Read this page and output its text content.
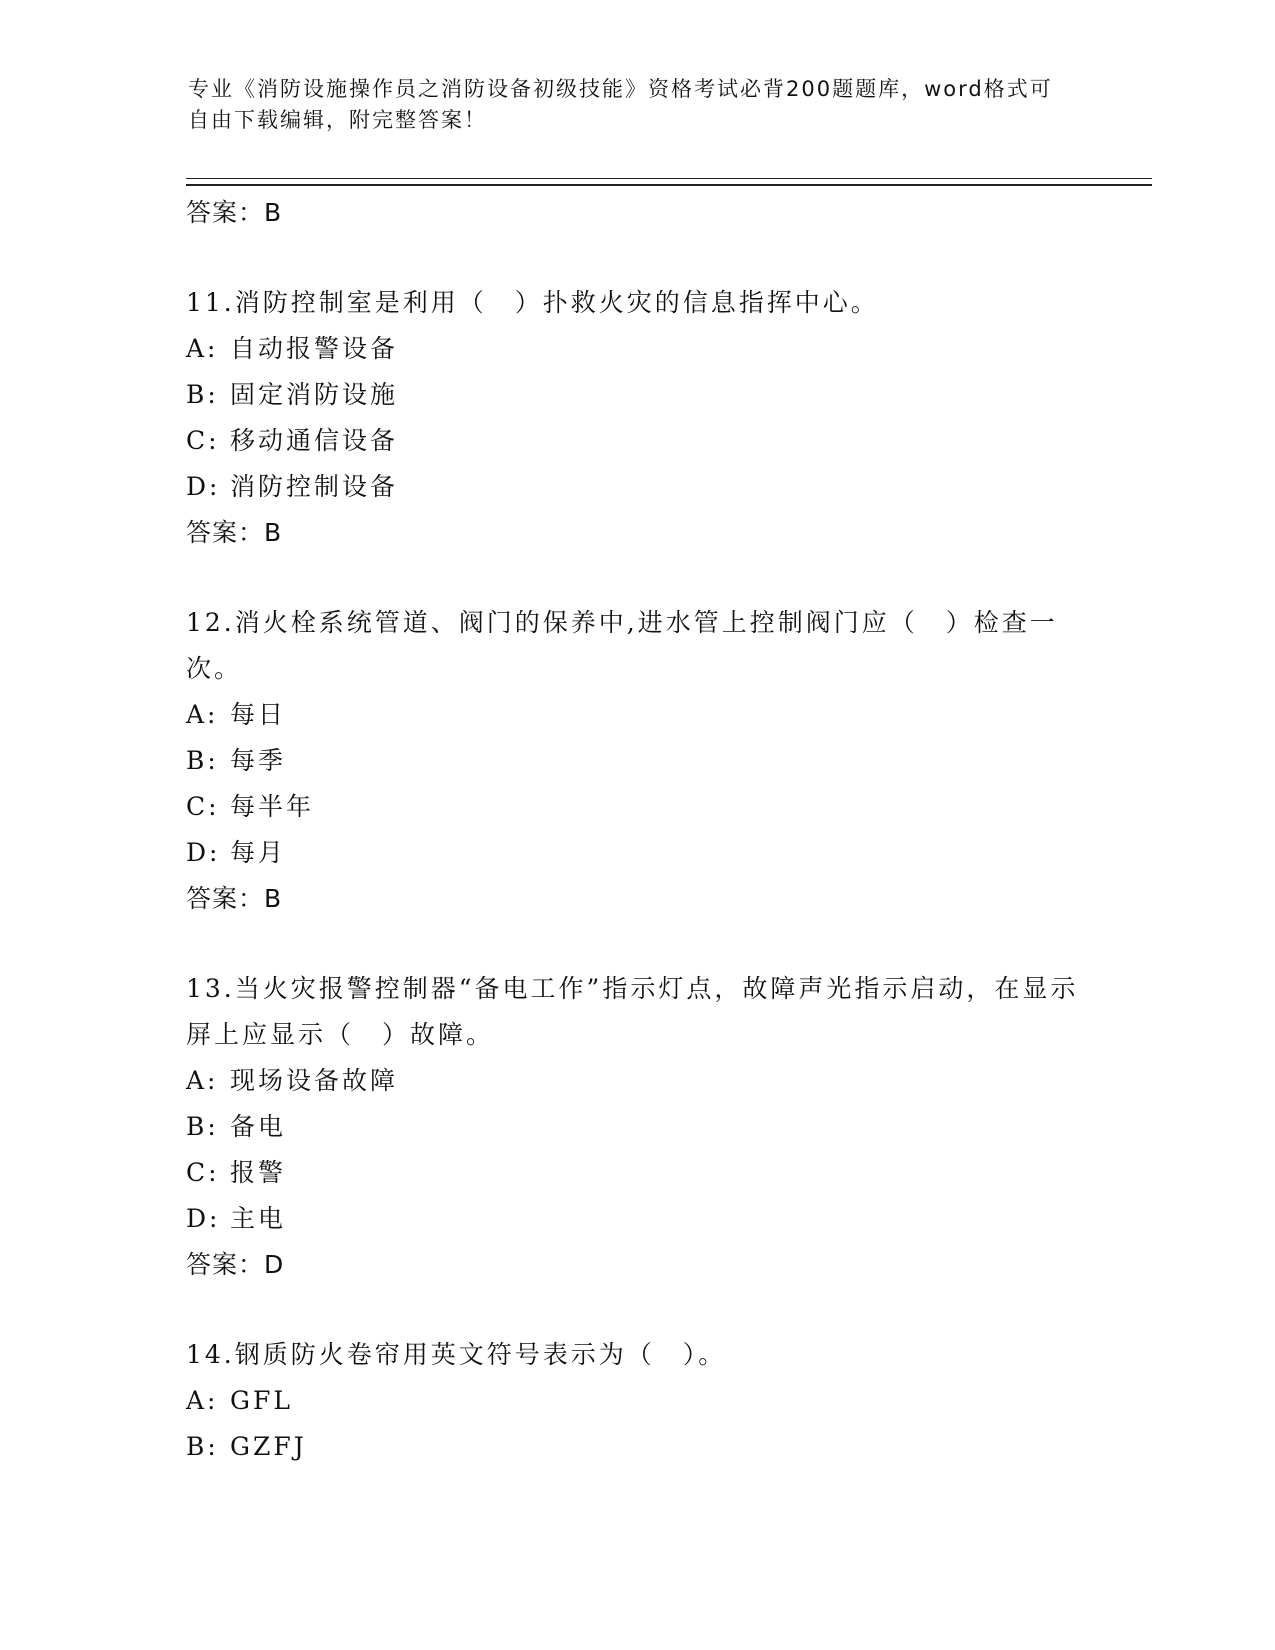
专业《消防设施操作员之消防设备初级技能》资格考试必背200题题库，word格式可自由下载编辑，附完整答案！
答案：B
11.消防控制室是利用（　）扑救火灾的信息指挥中心。
A: 自动报警设备
B: 固定消防设施
C: 移动通信设备
D: 消防控制设备
答案：B
12.消火栓系统管道、阀门的保养中,进水管上控制阀门应（　）检查一次。
A: 每日
B: 每季
C: 每半年
D: 每月
答案：B
13.当火灾报警控制器“备电工作”指示灯点，故障声光指示启动，在显示屏上应显示（　）故障。
A: 现场设备故障
B: 备电
C: 报警
D: 主电
答案：D
14.钢质防火卷帘用英文符号表示为（　）。
A: GFL
B: GZFJ
